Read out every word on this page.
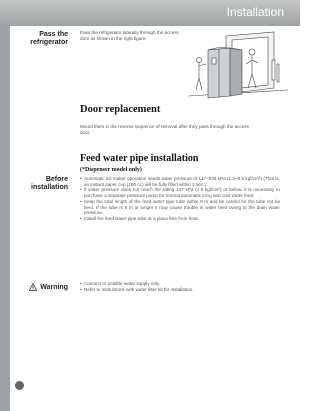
Installation
Pass the
refrigerator
Pass the refrigerator laterally through the access
door as shown in the right figure.
Door replacement
Mount them in the reverse sequence of removal after they pass through the access
door.
Feed water pipe installation
(*Dispenser model only)
Before
installation
• Automatic ice maker operation needs water pressure of 147~834 kPa (1.5~8.5 kgf/cm²) (That is, an instant paper cup (180 cc) will be fully filled within 3 sec.).
• If water pressure does not reach the rating 147 kPa (1.5 kgf/cm²) or below, it is necessary to purchase a separate pressure pump for normal automatic icing and cool water feed.
• Keep the total length of the feed water pipe tube within 8 m and be careful for the tube not be bent. If the tube is 8 m or longer it may cause trouble in water feed owing to the drain water pressure.
• Install the feed water pipe tube at a place free from heat.
Warning
•	Connect to potable water supply only.
• Refer to instructions with water filter kit for installation.
